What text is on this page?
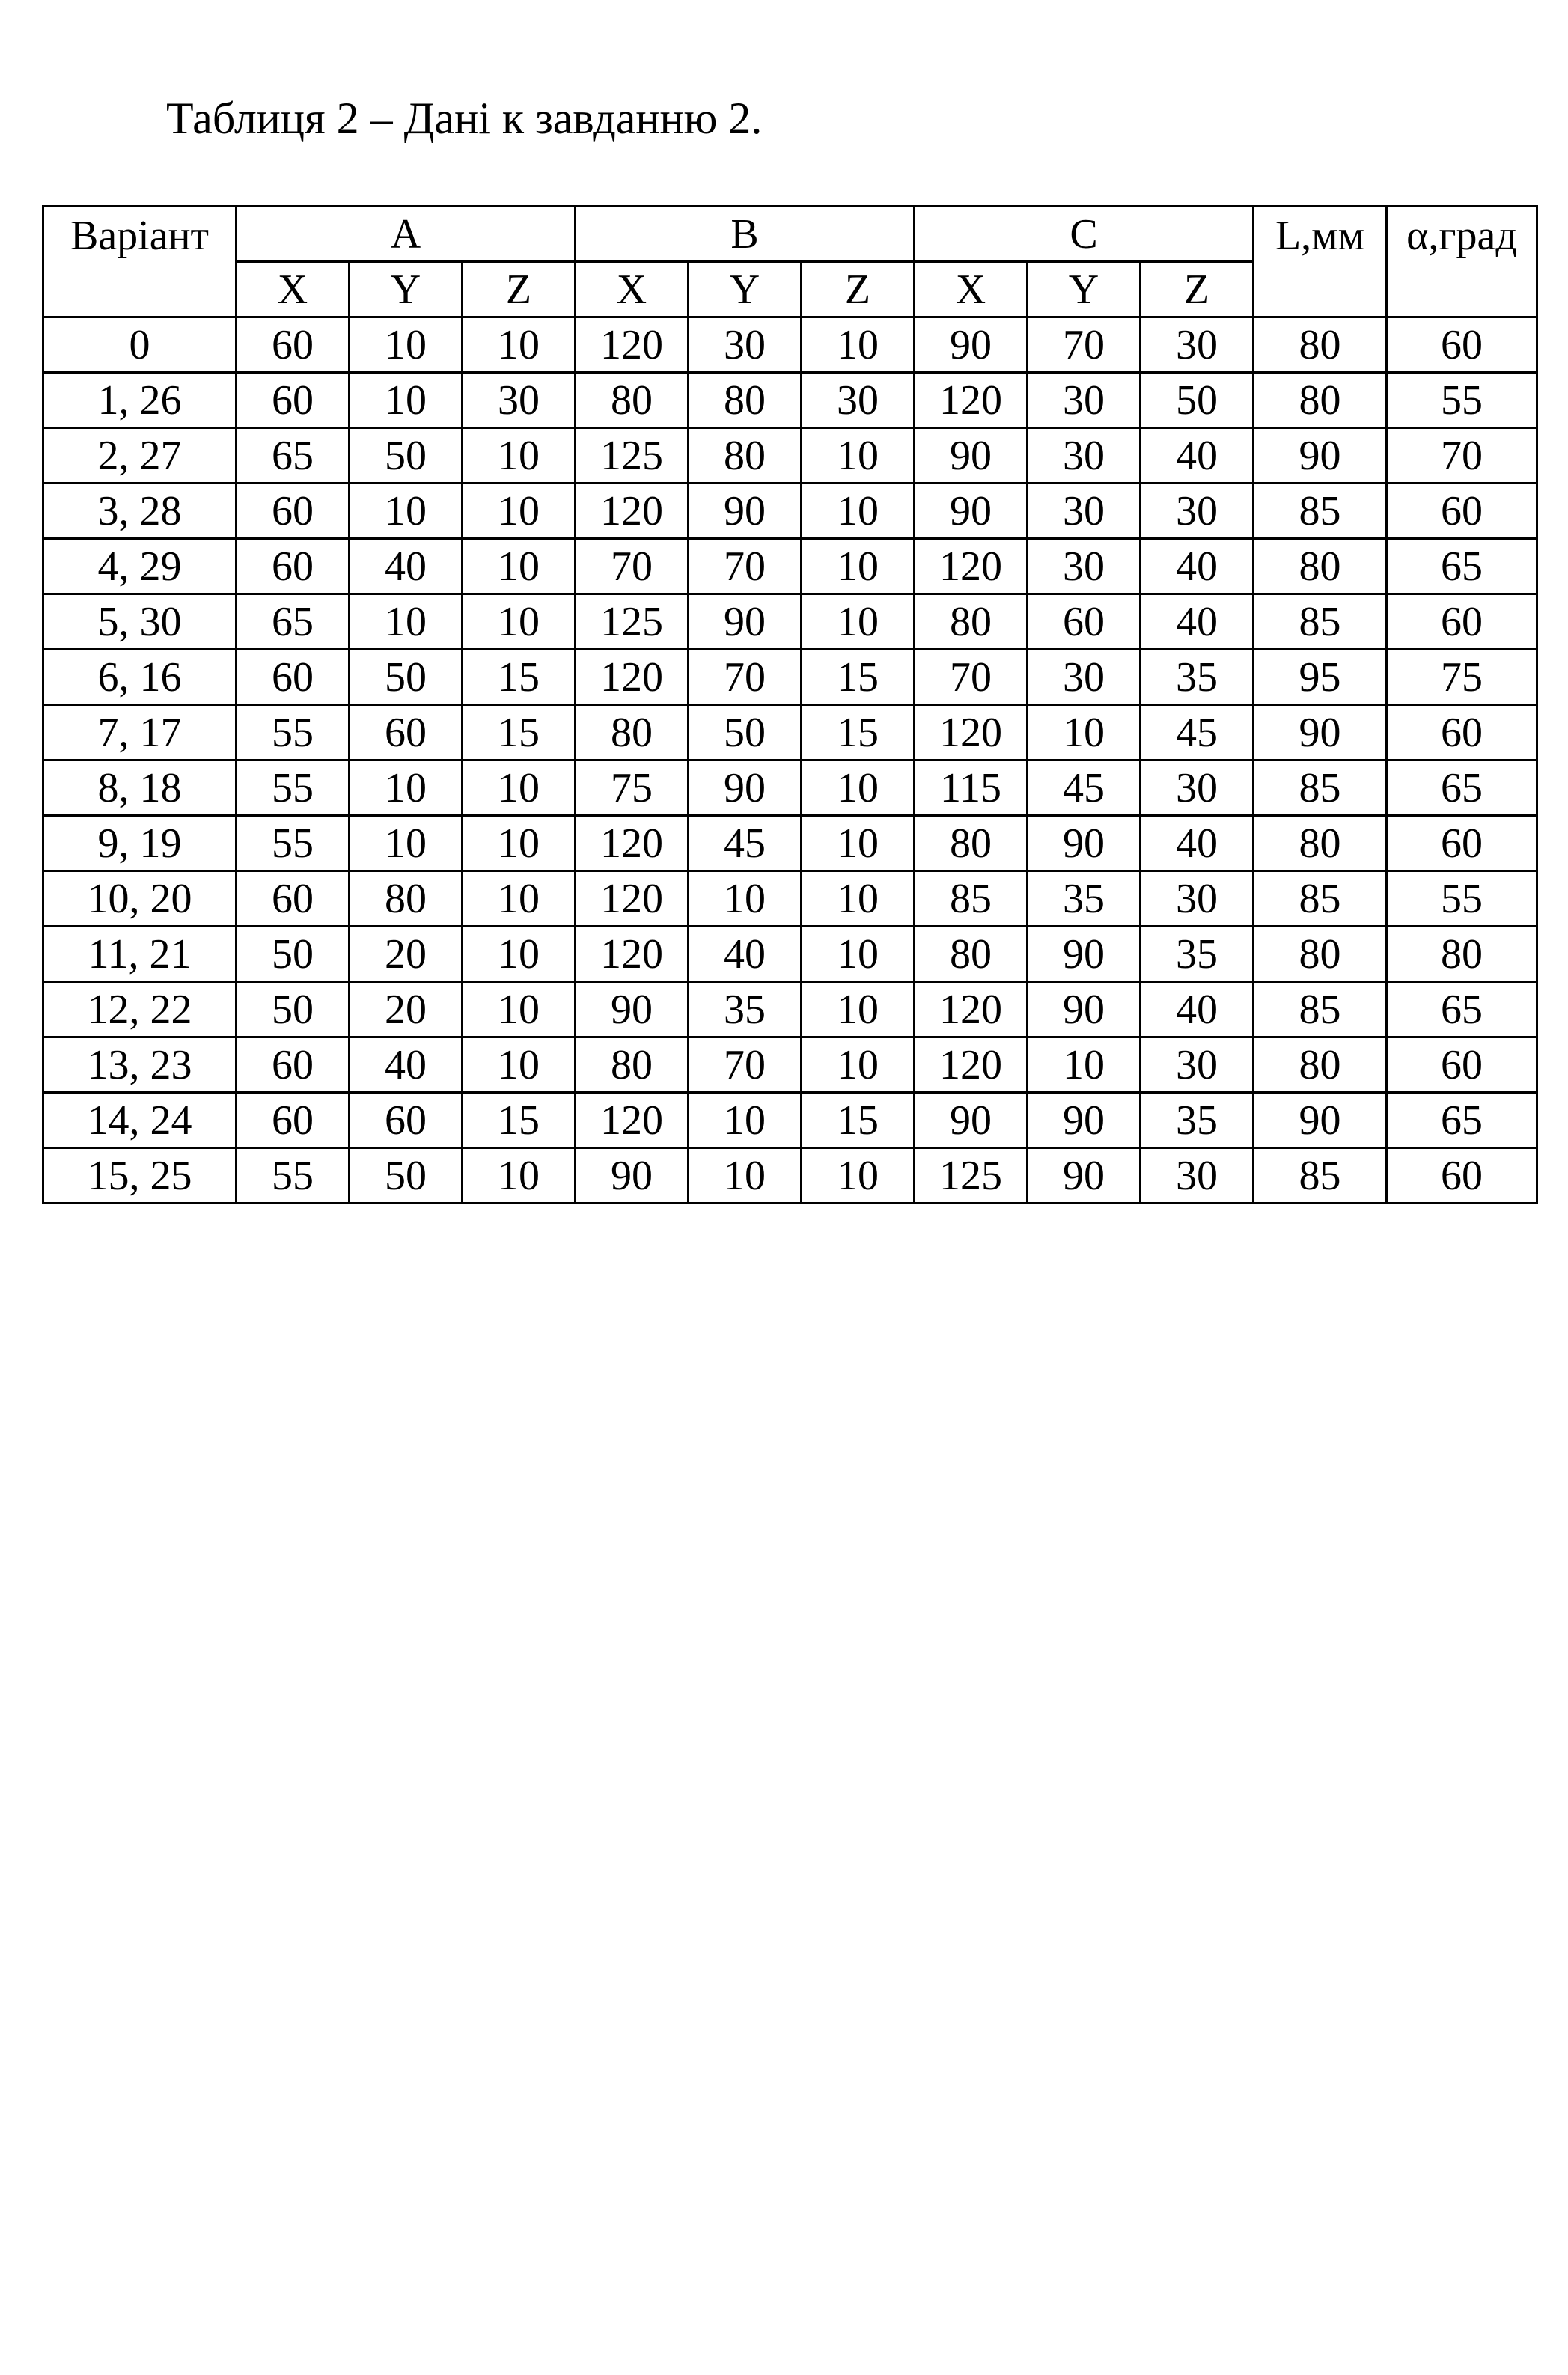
Таблиця 2 – Дані к завданню 2.
Варіант	A			B			C			L,мм	α,град
	X	Y	Z	X	Y	Z	X	Y	Z		
0	60	10	10	120	30	10	90	70	30	80	60
1, 26	60	10	30	80	80	30	120	30	50	80	55
2, 27	65	50	10	125	80	10	90	30	40	90	70
3, 28	60	10	10	120	90	10	90	30	30	85	60
4, 29	60	40	10	70	70	10	120	30	40	80	65
5, 30	65	10	10	125	90	10	80	60	40	85	60
6, 16	60	50	15	120	70	15	70	30	35	95	75
7, 17	55	60	15	80	50	15	120	10	45	90	60
8, 18	55	10	10	75	90	10	115	45	30	85	65
9, 19	55	10	10	120	45	10	80	90	40	80	60
10, 20	60	80	10	120	10	10	85	35	30	85	55
11, 21	50	20	10	120	40	10	80	90	35	80	80
12, 22	50	20	10	90	35	10	120	90	40	85	65
13, 23	60	40	10	80	70	10	120	10	30	80	60
14, 24	60	60	15	120	10	15	90	90	35	90	65
15, 25	55	50	10	90	10	10	125	90	30	85	60
